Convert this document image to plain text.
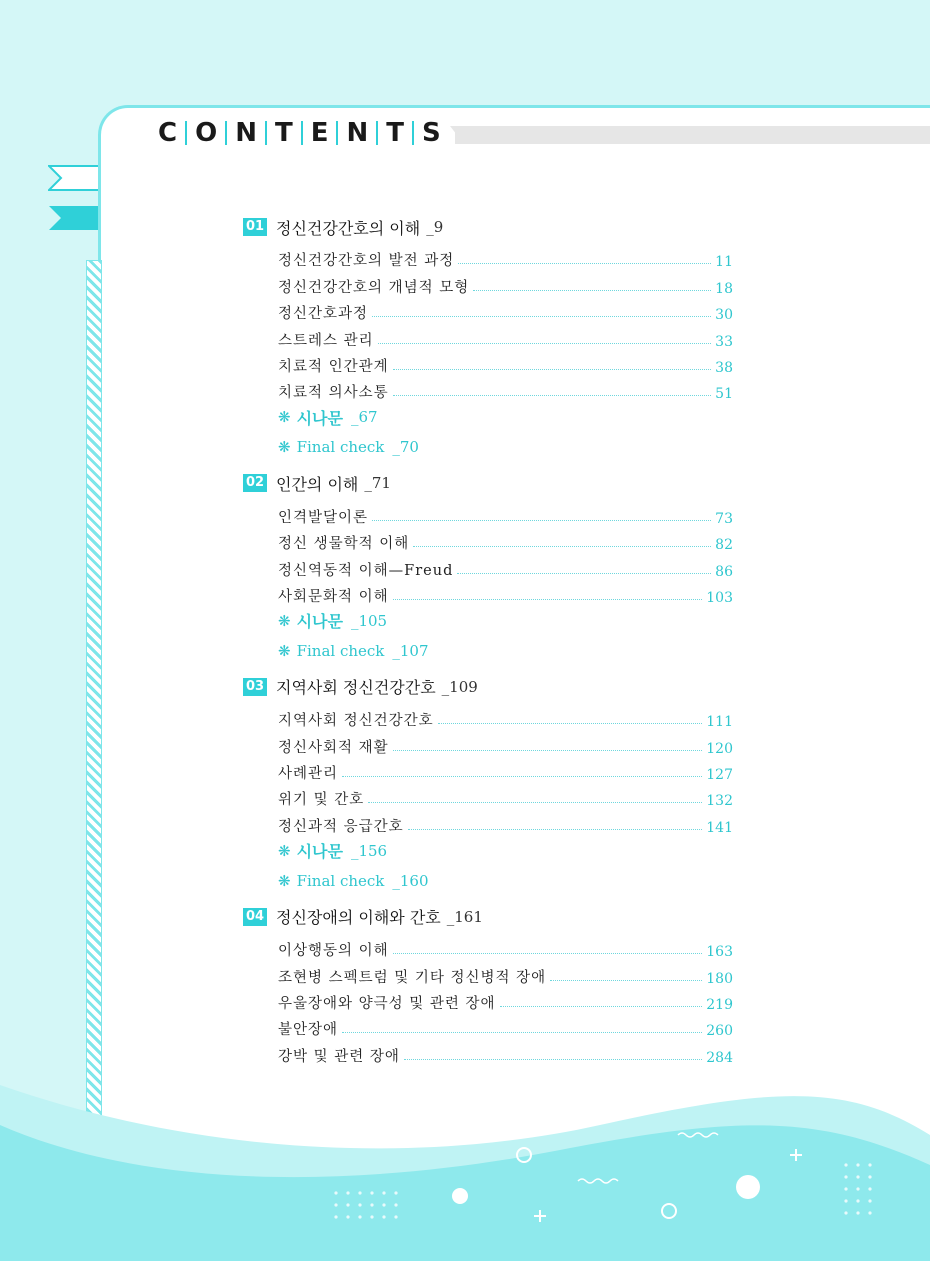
C O N T E N T S
01 정신건강간호의 이해 _9
정신건강간호의 발전 과정	11
정신건강간호의 개념적 모형	18
정신간호과정	30
스트레스 관리	33
치료적 인간관계	38
치료적 의사소통	51
❋ 시나문 _67
❋ Final check _70
02 인간의 이해 _71
인격발달이론	73
정신 생물학적 이해	82
정신역동적 이해—Freud	86
사회문화적 이해	103
❋ 시나문 _105
❋ Final check _107
03 지역사회 정신건강간호 _109
지역사회 정신건강간호	111
정신사회적 재활	120
사례관리	127
위기 및 간호	132
정신과적 응급간호	141
❋ 시나문 _156
❋ Final check _160
04 정신장애의 이해와 간호 _161
이상행동의 이해	163
조현병 스펙트럼 및 기타 정신병적 장애	180
우울장애와 양극성 및 관련 장애	219
불안장애	260
강박 및 관련 장애	284
